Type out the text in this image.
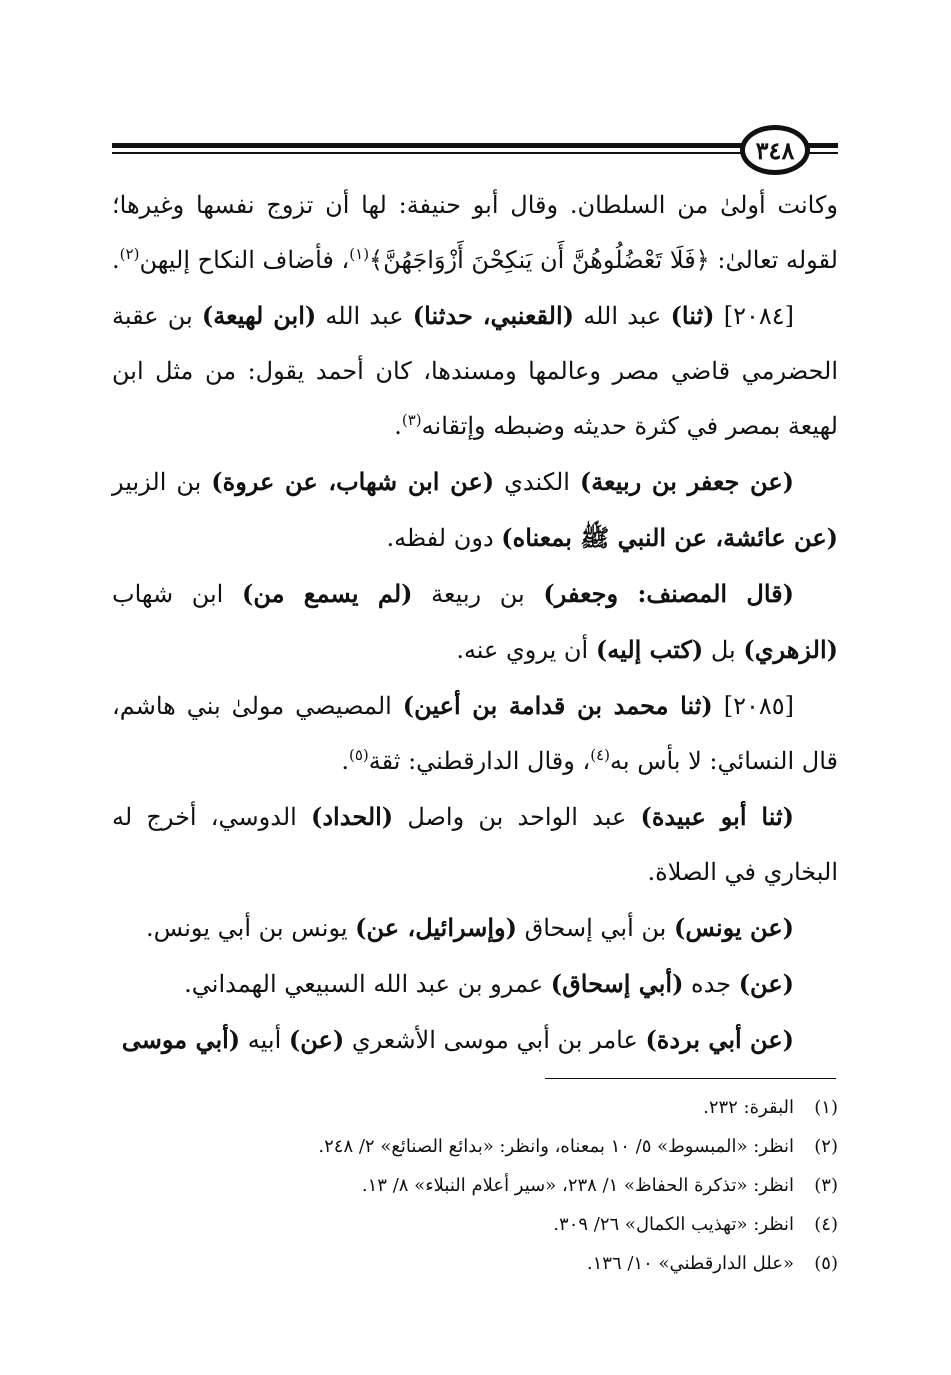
٣٤٨

وكانت أولىٰ من السلطان. وقال أبو حنيفة: لها أن تزوج نفسها وغيرها؛ لقوله تعالىٰ: ﴿فَلَا تَعْضُلُوهُنَّ أَن يَنكِحْنَ أَزْوَاجَهُنَّ﴾$^{(١)}$، فأضاف النكاح إليهن$^{(٢)}$.

[٢٠٨٤] (ثنا) عبد الله (القعنبي، حدثنا) عبد الله (ابن لهيعة) بن عقبة الحضرمي قاضي مصر وعالمها ومسندها، كان أحمد يقول: من مثل ابن لهيعة بمصر في كثرة حديثه وضبطه وإتقانه$^{(٣)}$.

(عن جعفر بن ربيعة) الكندي (عن ابن شهاب، عن عروة) بن الزبير (عن عائشة، عن النبي ﷺ بمعناه) دون لفظه.

(قال المصنف: وجعفر) بن ربيعة (لم يسمع من) ابن شهاب (الزهري) بل (كتب إليه) أن يروي عنه.

[٢٠٨٥] (ثنا محمد بن قدامة بن أعين) المصيصي مولىٰ بني هاشم، قال النسائي: لا بأس به$^{(٤)}$، وقال الدارقطني: ثقة$^{(٥)}$.

(ثنا أبو عبيدة) عبد الواحد بن واصل (الحداد) الدوسي، أخرج له البخاري في الصلاة.

(عن يونس) بن أبي إسحاق (وإسرائيل، عن) يونس بن أبي يونس.

(عن) جده (أبي إسحاق) عمرو بن عبد الله السبيعي الهمداني.

(عن أبي بردة) عامر بن أبي موسى الأشعري (عن) أبيه (أبي موسى

(١)البقرة: ٢٣٢.
(٢)انظر: «المبسوط» ٥/ ١٠ بمعناه، وانظر: «بدائع الصنائع» ٢/ ٢٤٨.
(٣)انظر: «تذكرة الحفاظ» ١/ ٢٣٨، «سير أعلام النبلاء» ٨/ ١٣.
(٤)انظر: «تهذيب الكمال» ٢٦/ ٣٠٩.
(٥)«علل الدارقطني» ١٠/ ١٣٦.
